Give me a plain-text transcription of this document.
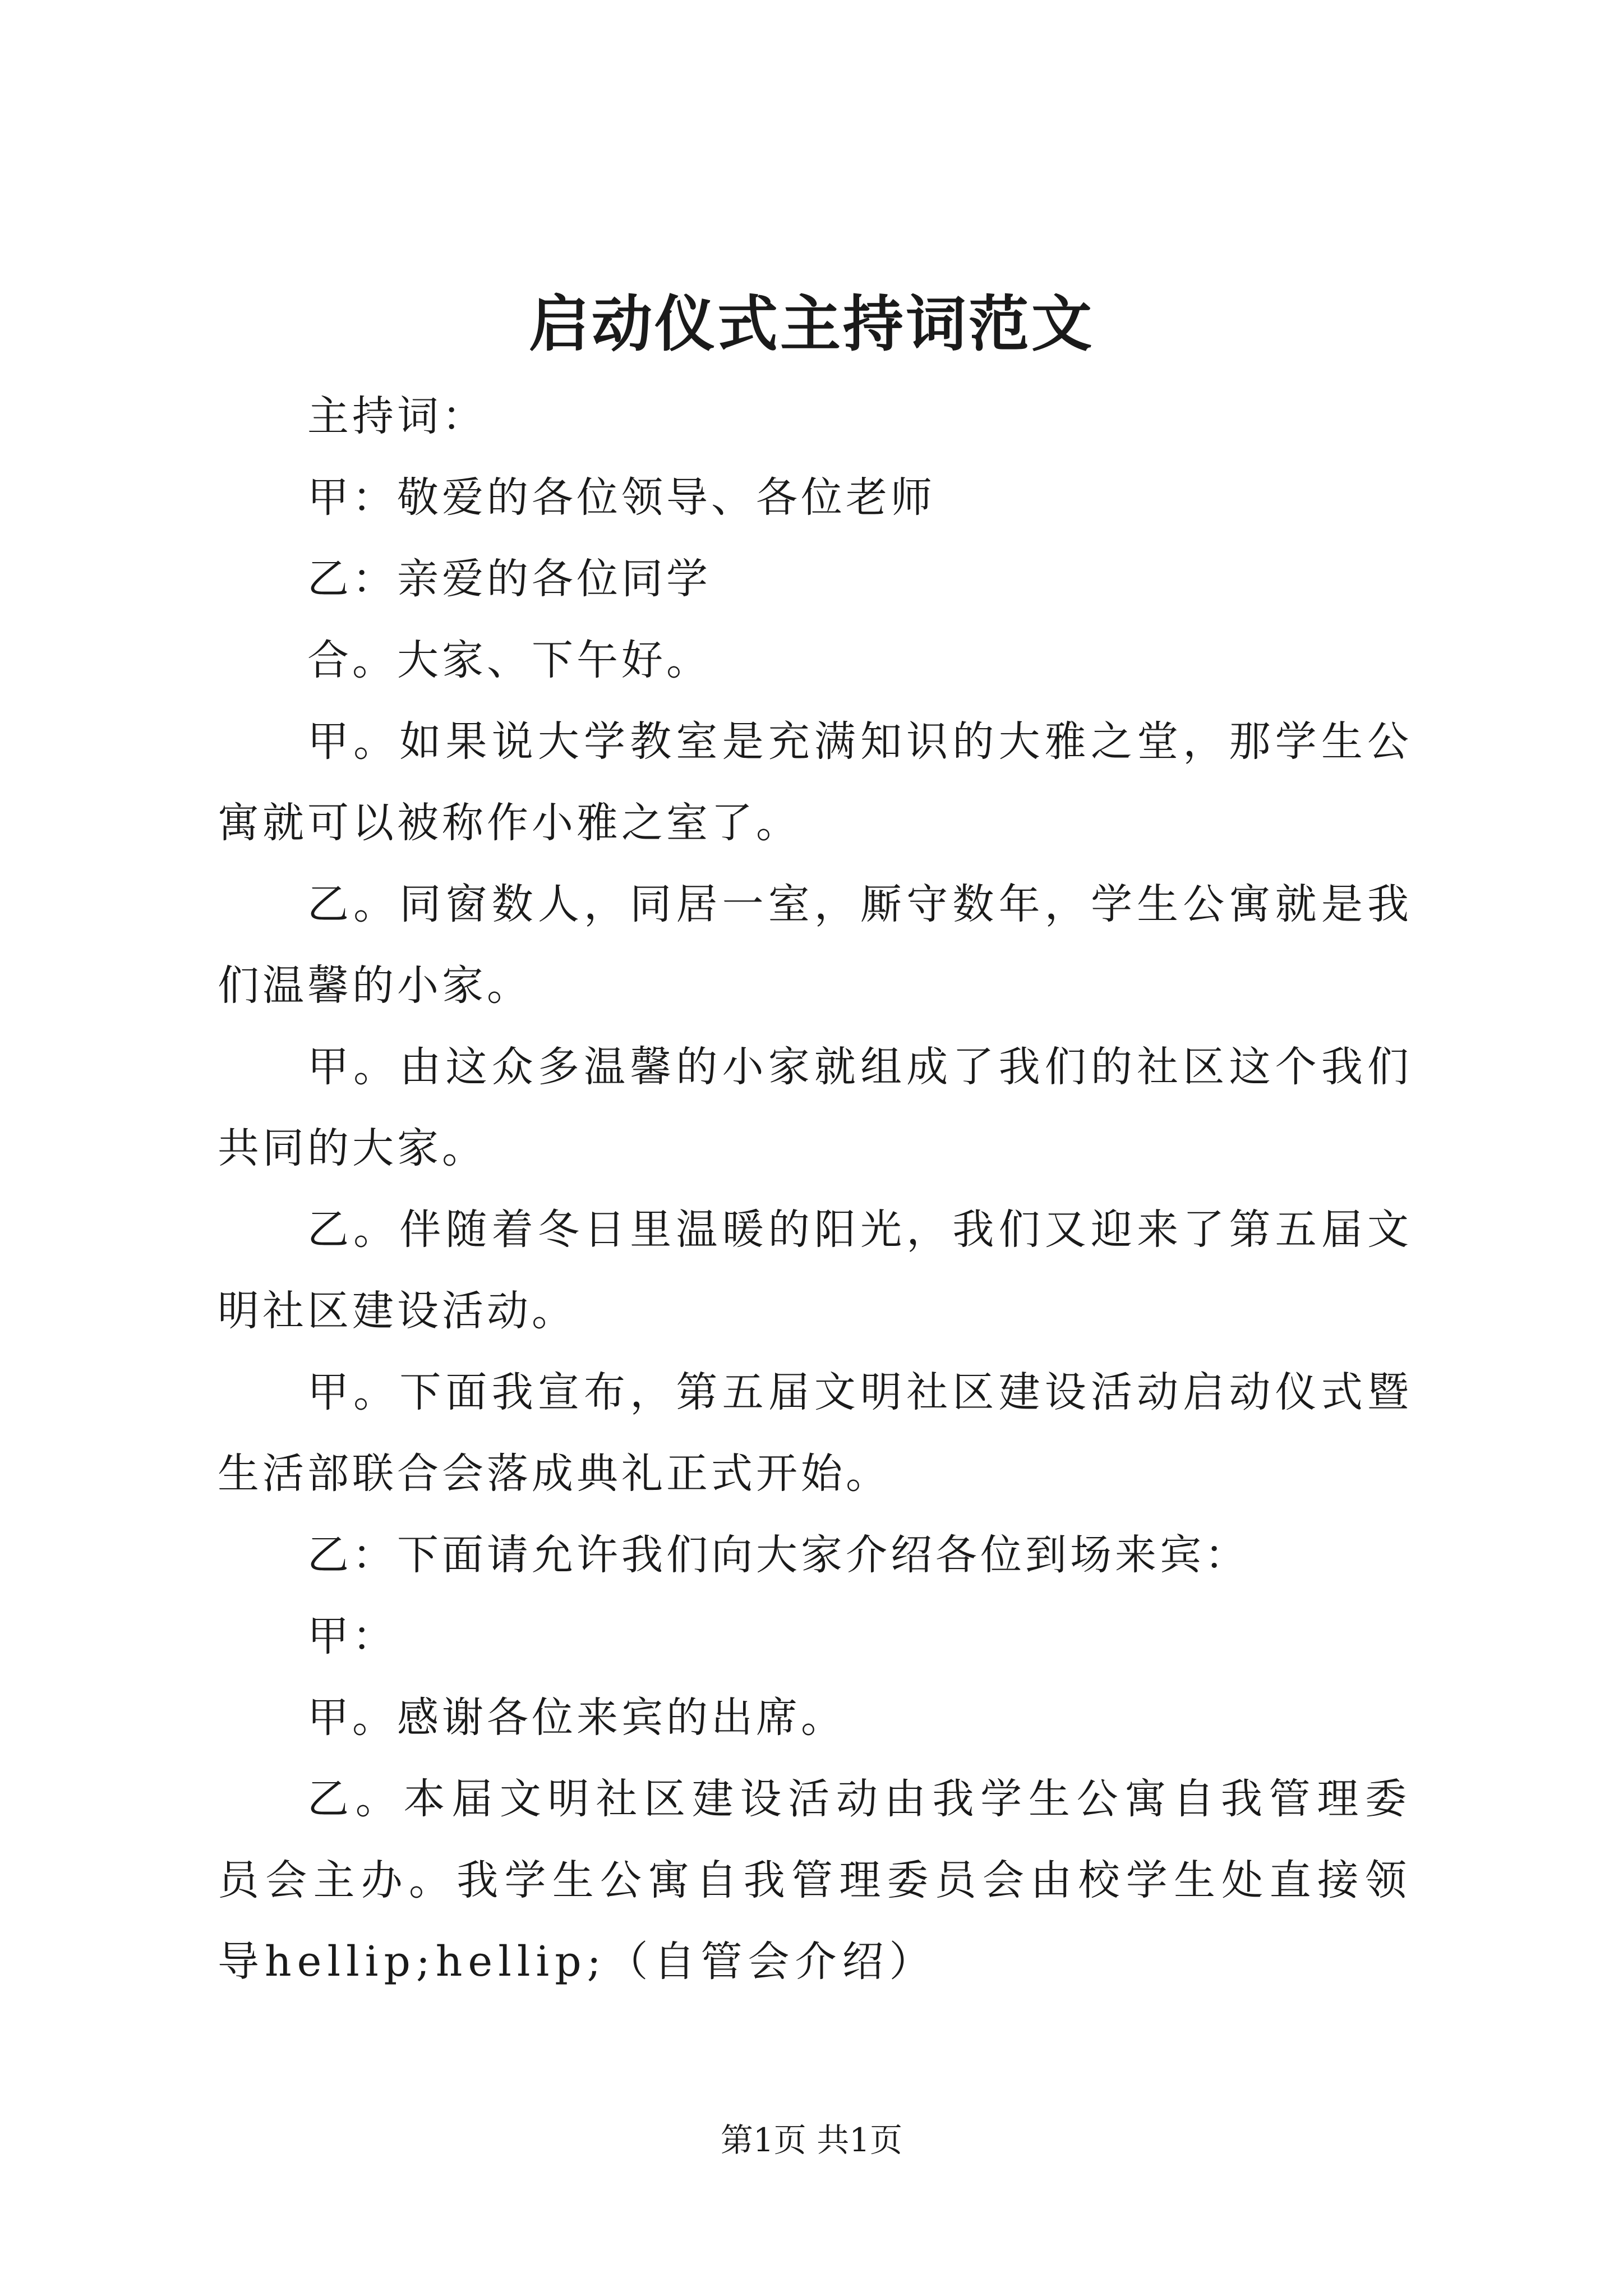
启动仪式主持词范文

主持词：

甲：敬爱的各位领导、各位老师

乙：亲爱的各位同学

合。大家、下午好。

甲。如果说大学教室是充满知识的大雅之堂，那学生公寓就可以被称作小雅之室了。

乙。同窗数人，同居一室，厮守数年，学生公寓就是我们温馨的小家。

甲。由这众多温馨的小家就组成了我们的社区这个我们共同的大家。

乙。伴随着冬日里温暖的阳光，我们又迎来了第五届文明社区建设活动。

甲。下面我宣布，第五届文明社区建设活动启动仪式暨生活部联合会落成典礼正式开始。

乙：下面请允许我们向大家介绍各位到场来宾：

甲：

甲。感谢各位来宾的出席。

乙。本届文明社区建设活动由我学生公寓自我管理委员会主办。我学生公寓自我管理委员会由校学生处直接领导hellip;hellip;（自管会介绍）

第1页 共1页
